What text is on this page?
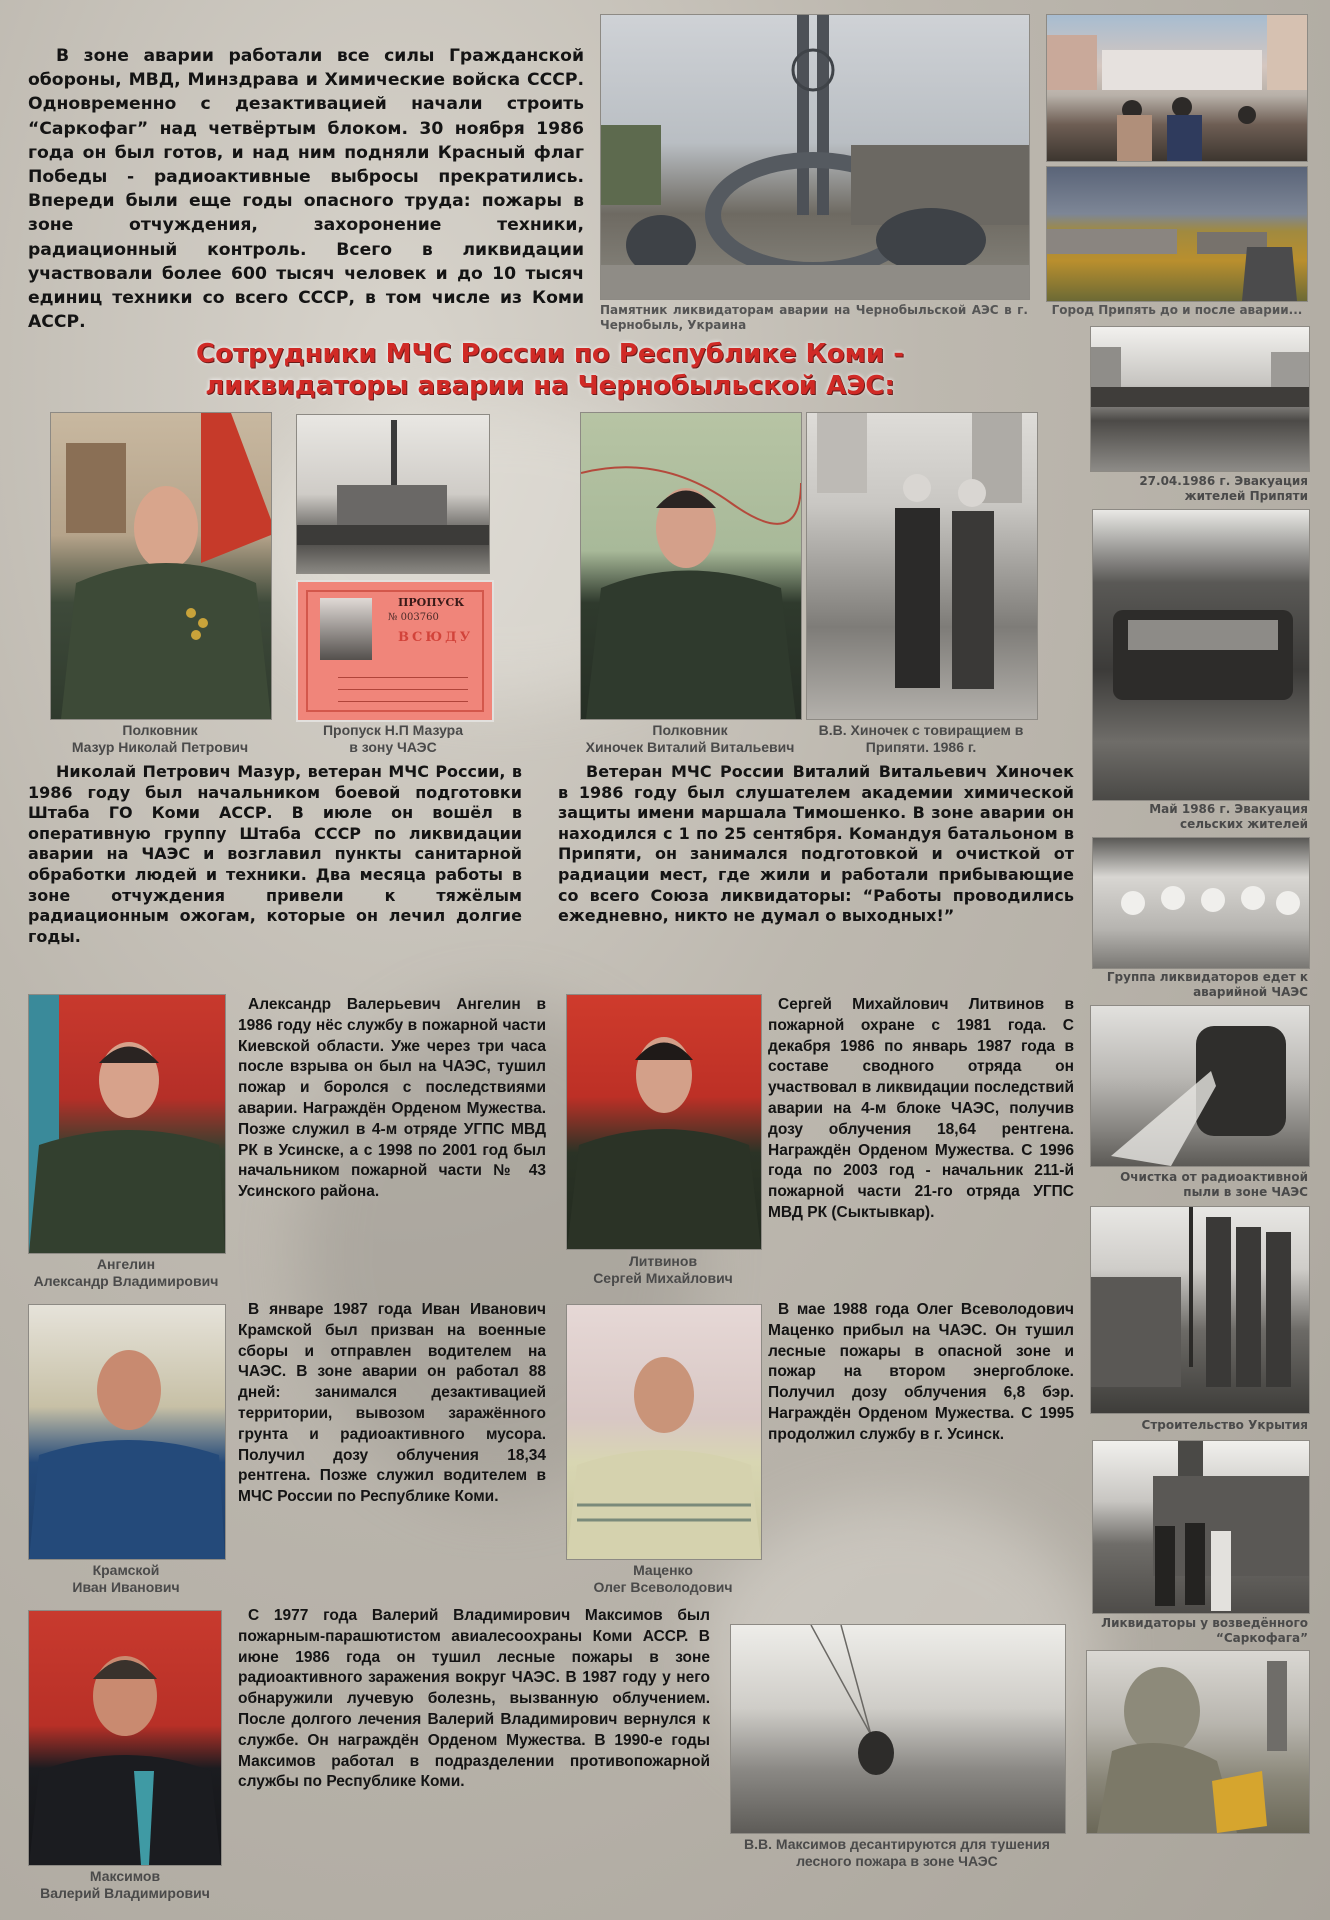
В зоне аварии работали все силы Гражданской обороны, МВД, Минздрава и Химические войска СССР. Одновременно с дезактивацией начали строить “Саркофаг” над четвёртым блоком. 30 ноября 1986 года он был готов, и над ним подняли Красный флаг Победы - радиоактивные выбросы прекратились. Впереди были еще годы опасного труда: пожары в зоне отчуждения, захоронение техники, радиационный контроль. Всего в ликвидации участвовали более 600 тысяч человек и до 10 тысяч единиц техники со всего СССР, в том числе из Коми АССР.

Памятник ликвидаторам аварии на Чернобыльской АЭС в г. Чернобыль, Украина
Город Припять до и после аварии...
Сотрудники МЧС России по Республике Коми -
ликвидаторы аварии на Чернобыльской АЭС:
Полковник
Мазур Николай Петрович
ПРОПУСК
№ 003760
ВСЮДУ
Пропуск Н.П Мазура
в зону ЧАЭС
Полковник
Хиночек Виталий Витальевич
В.В. Хиночек с товиращием в
Припяти. 1986 г.

Николай Петрович Мазур, ветеран МЧС России, в 1986 году был начальником боевой подготовки Штаба ГО Коми АССР. В июле он вошёл в оперативную группу Штаба СССР по ликвидации аварии на ЧАЭС и возглавил пункты санитарной обработки людей и техники. Два месяца работы в зоне отчуждения привели к тяжёлым радиационным ожогам, которые он лечил долгие годы.

Ветеран МЧС России Виталий Витальевич Хиночек в 1986 году был слушателем академии химической защиты имени маршала Тимошенко. В зоне аварии он находился с 1 по 25 сентября. Командуя батальоном в Припяти, он занимался подготовкой и очисткой от радиации мест, где жили и работали прибывающие со всего Союза ликвидаторы: “Работы проводились ежедневно, никто не думал о выходных!”

Ангелин
Александр Владимирович

Александр Валерьевич Ангелин в 1986 году нёс службу в пожарной части Киевской области. Уже через три часа после взрыва он был на ЧАЭС, тушил пожар и боролся с последствиями аварии. Награждён Орденом Мужества. Позже служил в 4-м отряде УГПС МВД РК в Усинске, а с 1998 по 2001 год был начальником пожарной части № 43 Усинского района.

Литвинов
Сергей Михайлович

Сергей Михайлович Литвинов в пожарной охране с 1981 года. С декабря 1986 по январь 1987 года в составе сводного отряда он участвовал в ликвидации последствий аварии на 4-м блоке ЧАЭС, получив дозу облучения 18,64 рентгена. Награждён Орденом Мужества. С 1996 года по 2003 год - начальник 211-й пожарной части 21-го отряда УГПС МВД РК (Сыктывкар).

Крамской
Иван Иванович

В январе 1987 года Иван Иванович Крамской был призван на военные сборы и отправлен водителем на ЧАЭС. В зоне аварии он работал 88 дней: занимался дезактивацией территории, вывозом заражённого грунта и радиоактивного мусора. Получил дозу облучения 18,34 рентгена. Позже служил водителем в МЧС России по Республике Коми.

Маценко
Олег Всеволодович

В мае 1988 года Олег Всеволодович Маценко прибыл на ЧАЭС. Он тушил лесные пожары в опасной зоне и пожар на втором энергоблоке. Получил дозу облучения 6,8 бэр. Награждён Орденом Мужества. С 1995 продолжил службу в г. Усинск.

Максимов
Валерий Владимирович

С 1977 года Валерий Владимирович Максимов был пожарным-парашютистом авиалесоохраны Коми АССР. В июне 1986 года он тушил лесные пожары в зоне радиоактивного заражения вокруг ЧАЭС. В 1987 году у него обнаружили лучевую болезнь, вызванную облучением. После долгого лечения Валерий Владимирович вернулся к службе. Он награждён Орденом Мужества. В 1990-е годы Максимов работал в подразделении противопожарной службы по Республике Коми.

В.В. Максимов десантируются для тушения
лесного пожара в зоне ЧАЭС
27.04.1986 г. Эвакуация жителей Припяти
Май 1986 г. Эвакуация сельских жителей
Группа ликвидаторов едет к аварийной ЧАЭС
Очистка от радиоактивной пыли в зоне ЧАЭС
Строительство Укрытия
Ликвидаторы у возведённого “Саркофага”
